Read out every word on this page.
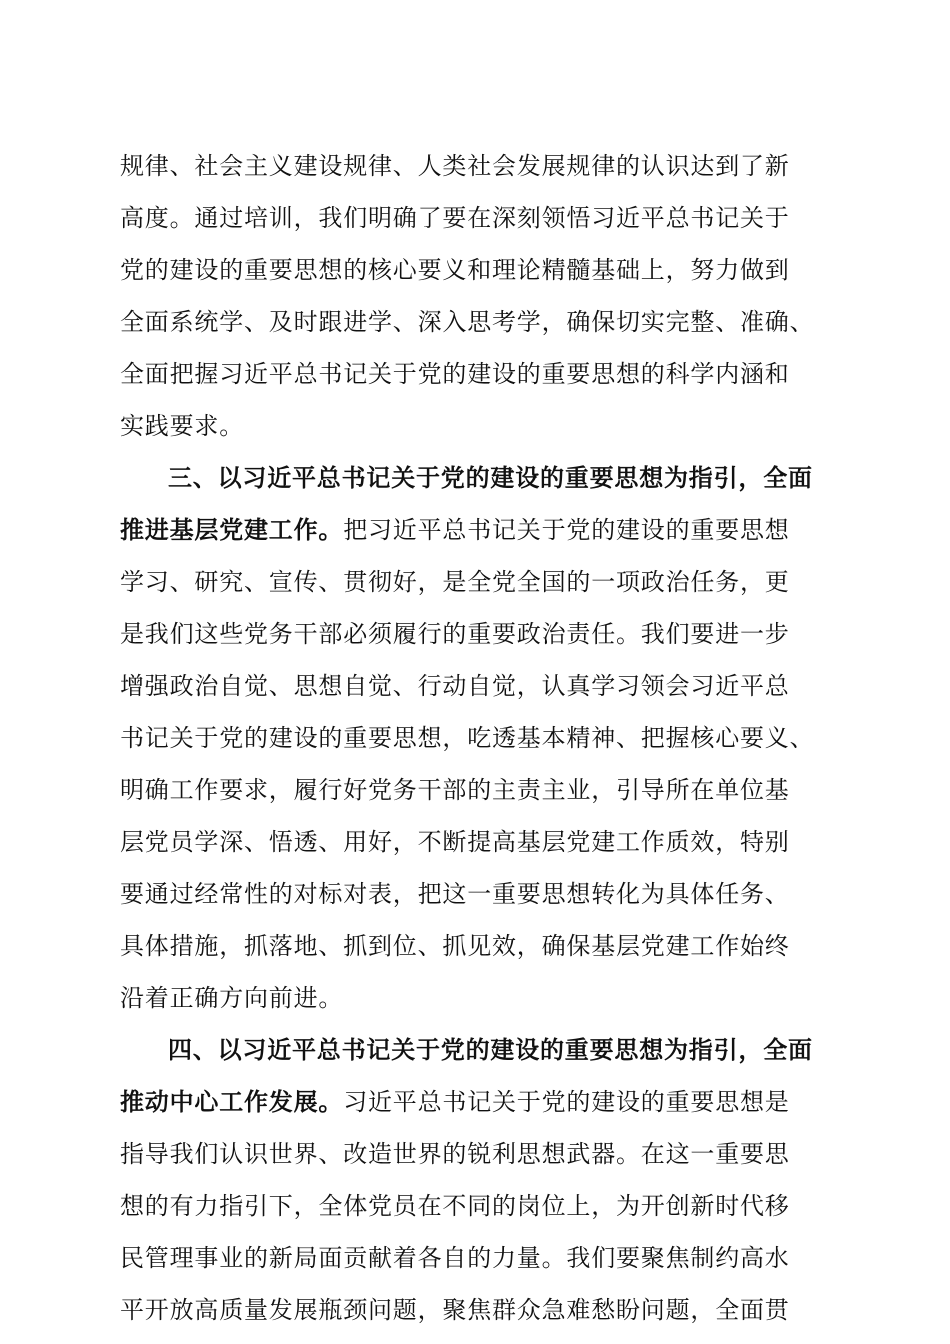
规律、社会主义建设规律、人类社会发展规律的认识达到了新
高度。通过培训，我们明确了要在深刻领悟习近平总书记关于
党的建设的重要思想的核心要义和理论精髓基础上，努力做到
全面系统学、及时跟进学、深入思考学，确保切实完整、准确、
全面把握习近平总书记关于党的建设的重要思想的科学内涵和
实践要求。
三、以习近平总书记关于党的建设的重要思想为指引，全面
推进基层党建工作。把习近平总书记关于党的建设的重要思想
学习、研究、宣传、贯彻好，是全党全国的一项政治任务，更
是我们这些党务干部必须履行的重要政治责任。我们要进一步
增强政治自觉、思想自觉、行动自觉，认真学习领会习近平总
书记关于党的建设的重要思想，吃透基本精神、把握核心要义、
明确工作要求，履行好党务干部的主责主业，引导所在单位基
层党员学深、悟透、用好，不断提高基层党建工作质效，特别
要通过经常性的对标对表，把这一重要思想转化为具体任务、
具体措施，抓落地、抓到位、抓见效，确保基层党建工作始终
沿着正确方向前进。
四、以习近平总书记关于党的建设的重要思想为指引，全面
推动中心工作发展。习近平总书记关于党的建设的重要思想是
指导我们认识世界、改造世界的锐利思想武器。在这一重要思
想的有力指引下，全体党员在不同的岗位上，为开创新时代移
民管理事业的新局面贡献着各自的力量。我们要聚焦制约高水
平开放高质量发展瓶颈问题，聚焦群众急难愁盼问题，全面贯
